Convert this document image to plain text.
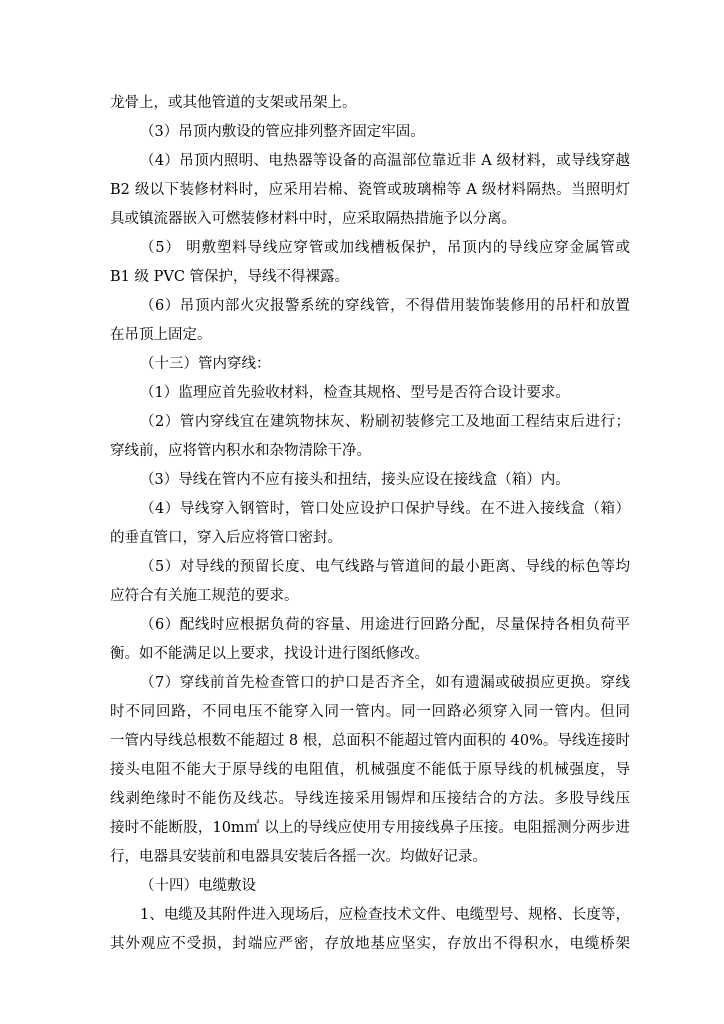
龙骨上，或其他管道的支架或吊架上。
（3）吊顶内敷设的管应排列整齐固定牢固。
（4）吊顶内照明、电热器等设备的高温部位靠近非 A 级材料，或导线穿越
B2 级以下装修材料时，应采用岩棉、瓷管或玻璃棉等 A 级材料隔热。当照明灯
具或镇流器嵌入可燃装修材料中时，应采取隔热措施予以分离。
（5） 明敷塑料导线应穿管或加线槽板保护，吊顶内的导线应穿金属管或
B1 级 PVC 管保护，导线不得裸露。
（6）吊顶内部火灾报警系统的穿线管，不得借用装饰装修用的吊杆和放置
在吊顶上固定。
（十三）管内穿线：
（1）监理应首先验收材料，检查其规格、型号是否符合设计要求。
（2）管内穿线宜在建筑物抹灰、粉刷初装修完工及地面工程结束后进行；
穿线前，应将管内积水和杂物清除干净。
（3）导线在管内不应有接头和扭结，接头应设在接线盒（箱）内。
（4）导线穿入钢管时，管口处应设护口保护导线。在不进入接线盒（箱）
的垂直管口，穿入后应将管口密封。
（5）对导线的预留长度、电气线路与管道间的最小距离、导线的标色等均
应符合有关施工规范的要求。
（6）配线时应根据负荷的容量、用途进行回路分配，尽量保持各相负荷平
衡。如不能满足以上要求，找设计进行图纸修改。
（7）穿线前首先检查管口的护口是否齐全，如有遗漏或破损应更换。穿线
时不同回路，不同电压不能穿入同一管内。同一回路必须穿入同一管内。但同
一管内导线总根数不能超过 8 根，总面积不能超过管内面积的 40%。导线连接时
接头电阻不能大于原导线的电阻值，机械强度不能低于原导线的机械强度，导
线剥绝缘时不能伤及线芯。导线连接采用锡焊和压接结合的方法。多股导线压
接时不能断股，10m㎡ 以上的导线应使用专用接线鼻子压接。电阻摇测分两步进
行，电器具安装前和电器具安装后各摇一次。均做好记录。
（十四）电缆敷设
1、电缆及其附件进入现场后，应检查技术文件、电缆型号、规格、长度等，
其外观应不受损，封端应严密，存放地基应坚实，存放出不得积水，电缆桥架
